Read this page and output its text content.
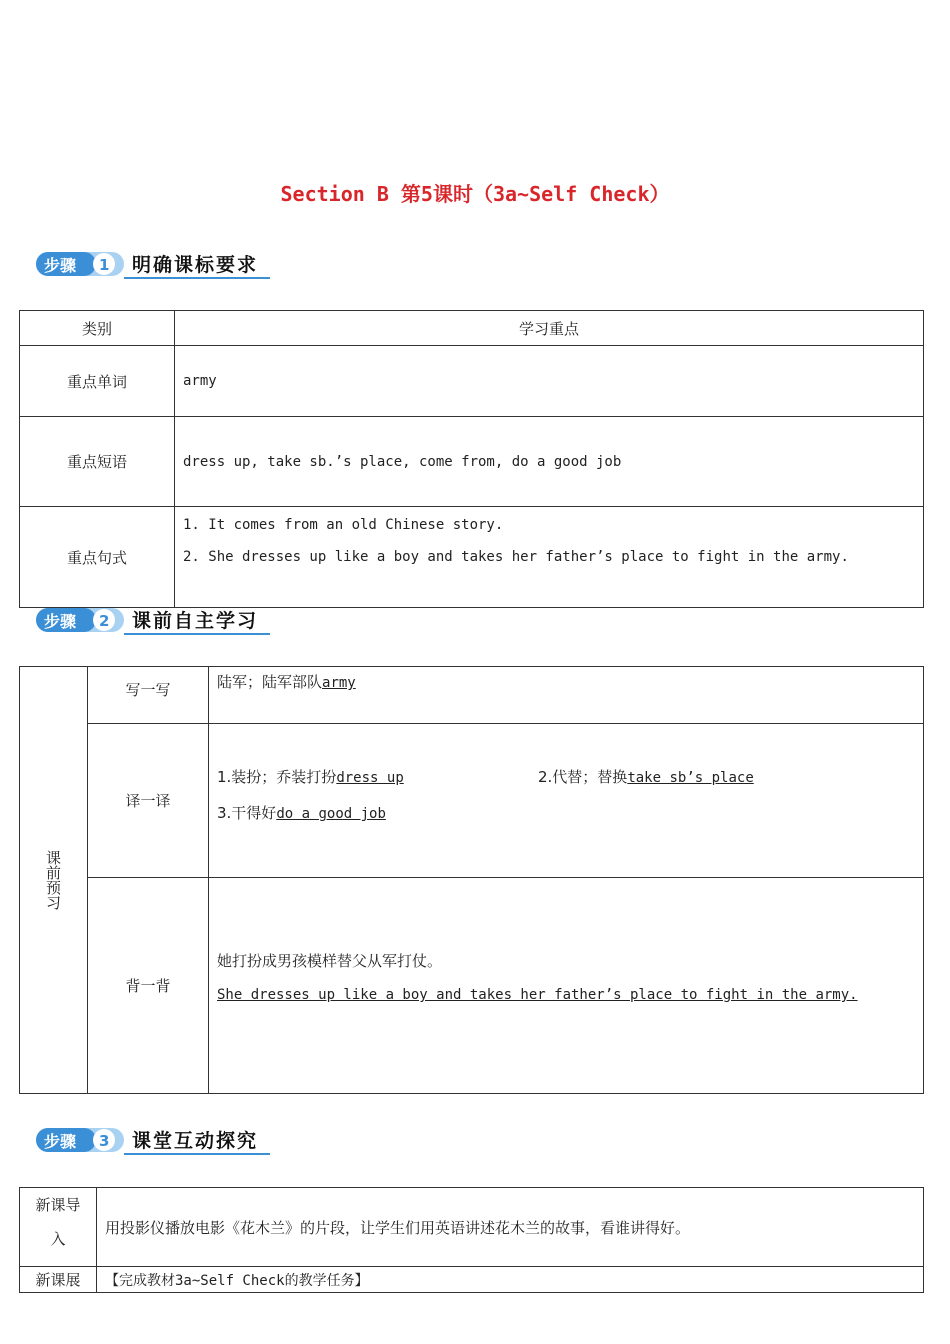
Section B 第5课时（3a~Self Check）
步骤 1 明确课标要求
类别	学习重点
重点单词	army
重点短语	dress up, take sb.’s place, come from, do a good job
重点句式	1. It comes from an old Chinese story.
2. She dresses up like a boy and takes her father’s place to fight in the army.
步骤 2 课前自主学习
课前预习	写一写	陆军；陆军部队army
	译一译	1.装扮；乔装打扮dress up 2.代替；替换take sb’s place
3.干得好do a good job

	背一背	她打扮成男孩模样替父从军打仗。
She dresses up like a boy and takes her father’s place to fight in the army.
步骤 3 课堂互动探究
新课导
入	用投影仪播放电影《花木兰》的片段，让学生们用英语讲述花木兰的故事，看谁讲得好。
新课展	【完成教材3a~Self Check的教学任务】
